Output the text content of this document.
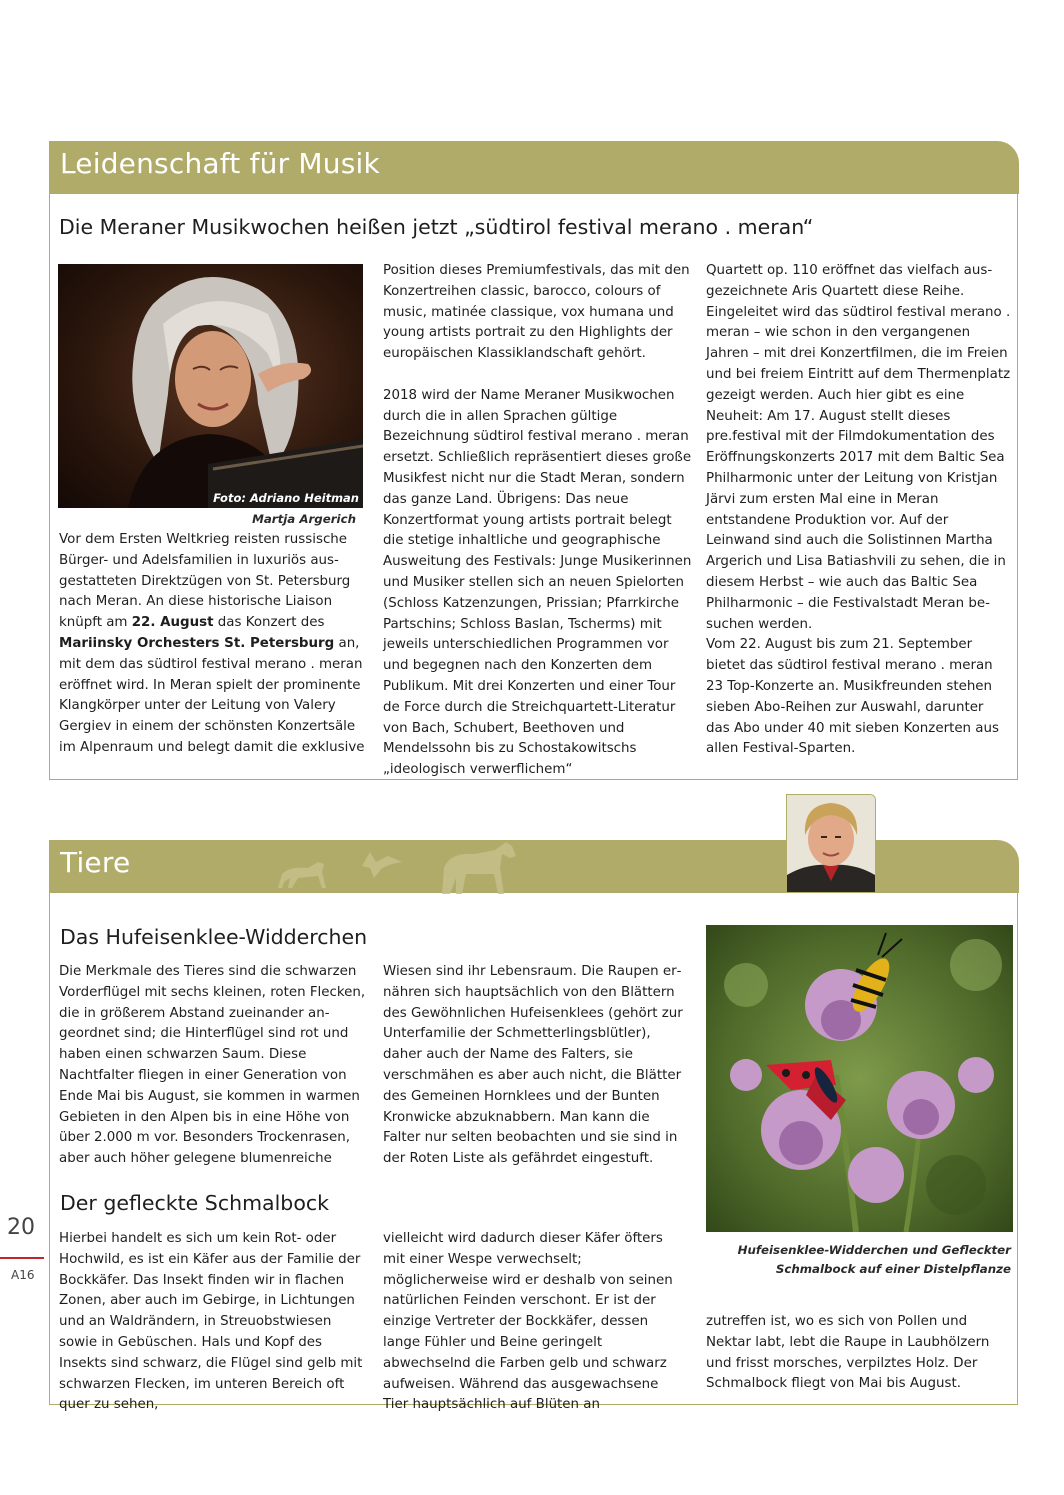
Leidenschaft für Musik
Die Meraner Musikwochen heißen jetzt „südtirol festival merano . meran“
Foto: Adriano Heitman
Martja Argerich

Vor dem Ersten Weltkrieg reisten russische Bürger- und Adelsfamilien in luxuriös ausgestatteten Direktzügen von St. Petersburg nach Meran. An diese historische Liaison knüpft am 22. August das Konzert des Mariinsky Orchesters St. Petersburg an, mit dem das südtirol festival merano . meran eröffnet wird. In Meran spielt der prominente Klangkörper unter der Leitung von Valery Gergiev in einem der schönsten Konzertsäle im Alpenraum und belegt damit die exklusive

Position dieses Premiumfestivals, das mit den Konzertreihen classic, barocco, colours of music, matinée classique, vox humana und young artists portrait zu den Highlights der europäischen Klassiklandschaft gehört.

2018 wird der Name Meraner Musikwochen durch die in allen Sprachen gültige Bezeichnung südtirol festival merano . meran ersetzt. Schließlich repräsentiert dieses große Musikfest nicht nur die Stadt Meran, sondern das ganze Land. Übrigens: Das neue Konzertformat young artists portrait belegt die stetige inhaltliche und geographische Ausweitung des Festivals: Junge Musikerinnen und Musiker stellen sich an neuen Spielorten (Schloss Katzenzungen, Prissian; Pfarrkirche Partschins; Schloss Baslan, Tscherms) mit jeweils unterschiedlichen Programmen vor und begegnen nach den Konzerten dem Publikum. Mit drei Konzerten und einer Tour de Force durch die Streichquartett-Literatur von Bach, Schubert, Beethoven und Mendelssohn bis zu Schostakowitschs „ideologisch verwerflichem“

Quartett op. 110 eröffnet das vielfach ausgezeichnete Aris Quartett diese Reihe. Eingeleitet wird das südtirol festival merano . meran – wie schon in den vergangenen Jahren – mit drei Konzertfilmen, die im Freien und bei freiem Eintritt auf dem Thermenplatz gezeigt werden. Auch hier gibt es eine Neuheit: Am 17. August stellt dieses pre.festival mit der Filmdokumentation des Eröffnungskonzerts 2017 mit dem Baltic Sea Philharmonic unter der Leitung von Kristjan Järvi zum ersten Mal eine in Meran entstandene Produktion vor. Auf der Leinwand sind auch die Solistinnen Martha Argerich und Lisa Batiashvili zu sehen, die in diesem Herbst – wie auch das Baltic Sea Philharmonic – die Festivalstadt Meran besuchen werden.

Vom 22. August bis zum 21. September bietet das südtirol festival merano . meran 23 Top-Konzerte an. Musikfreunden stehen sieben Abo-Reihen zur Auswahl, darunter das Abo under 40 mit sieben Konzerten aus allen Festival-Sparten.

Tiere
Das Hufeisenklee-Widderchen

Die Merkmale des Tieres sind die schwarzen Vorderflügel mit sechs kleinen, roten Flecken, die in größerem Abstand zueinander angeordnet sind; die Hinterflügel sind rot und haben einen schwarzen Saum. Diese Nachtfalter fliegen in einer Generation von Ende Mai bis August, sie kommen in warmen Gebieten in den Alpen bis in eine Höhe von über 2.000 m vor. Besonders Trockenrasen, aber auch höher gelegene blumenreiche

Wiesen sind ihr Lebensraum. Die Raupen ernähren sich hauptsächlich von den Blättern des Gewöhnlichen Hufeisenklees (gehört zur Unterfamilie der Schmetterlingsblütler), daher auch der Name des Falters, sie verschmähen es aber auch nicht, die Blätter des Gemeinen Hornklees und der Bunten Kronwicke abzuknabbern. Man kann die Falter nur selten beobachten und sie sind in der Roten Liste als gefährdet eingestuft.

Hufeisenklee-Widderchen und Gefleckter Schmalbock auf einer Distelpflanze
Der gefleckte Schmalbock

Hierbei handelt es sich um kein Rot- oder Hochwild, es ist ein Käfer aus der Familie der Bockkäfer. Das Insekt finden wir in flachen Zonen, aber auch im Gebirge, in Lichtungen und an Waldrändern, in Streuobstwiesen sowie in Gebüschen. Hals und Kopf des Insekts sind schwarz, die Flügel sind gelb mit schwarzen Flecken, im unteren Bereich oft quer zu sehen,

vielleicht wird dadurch dieser Käfer öfters mit einer Wespe verwechselt; möglicherweise wird er deshalb von seinen natürlichen Feinden verschont. Er ist der einzige Vertreter der Bockkäfer, dessen lange Fühler und Beine geringelt abwechselnd die Farben gelb und schwarz aufweisen. Während das ausgewachsene Tier hauptsächlich auf Blüten an

zutreffen ist, wo es sich von Pollen und Nektar labt, lebt die Raupe in Laubhölzern und frisst morsches, verpilztes Holz. Der Schmalbock fliegt von Mai bis August.

20
A16
